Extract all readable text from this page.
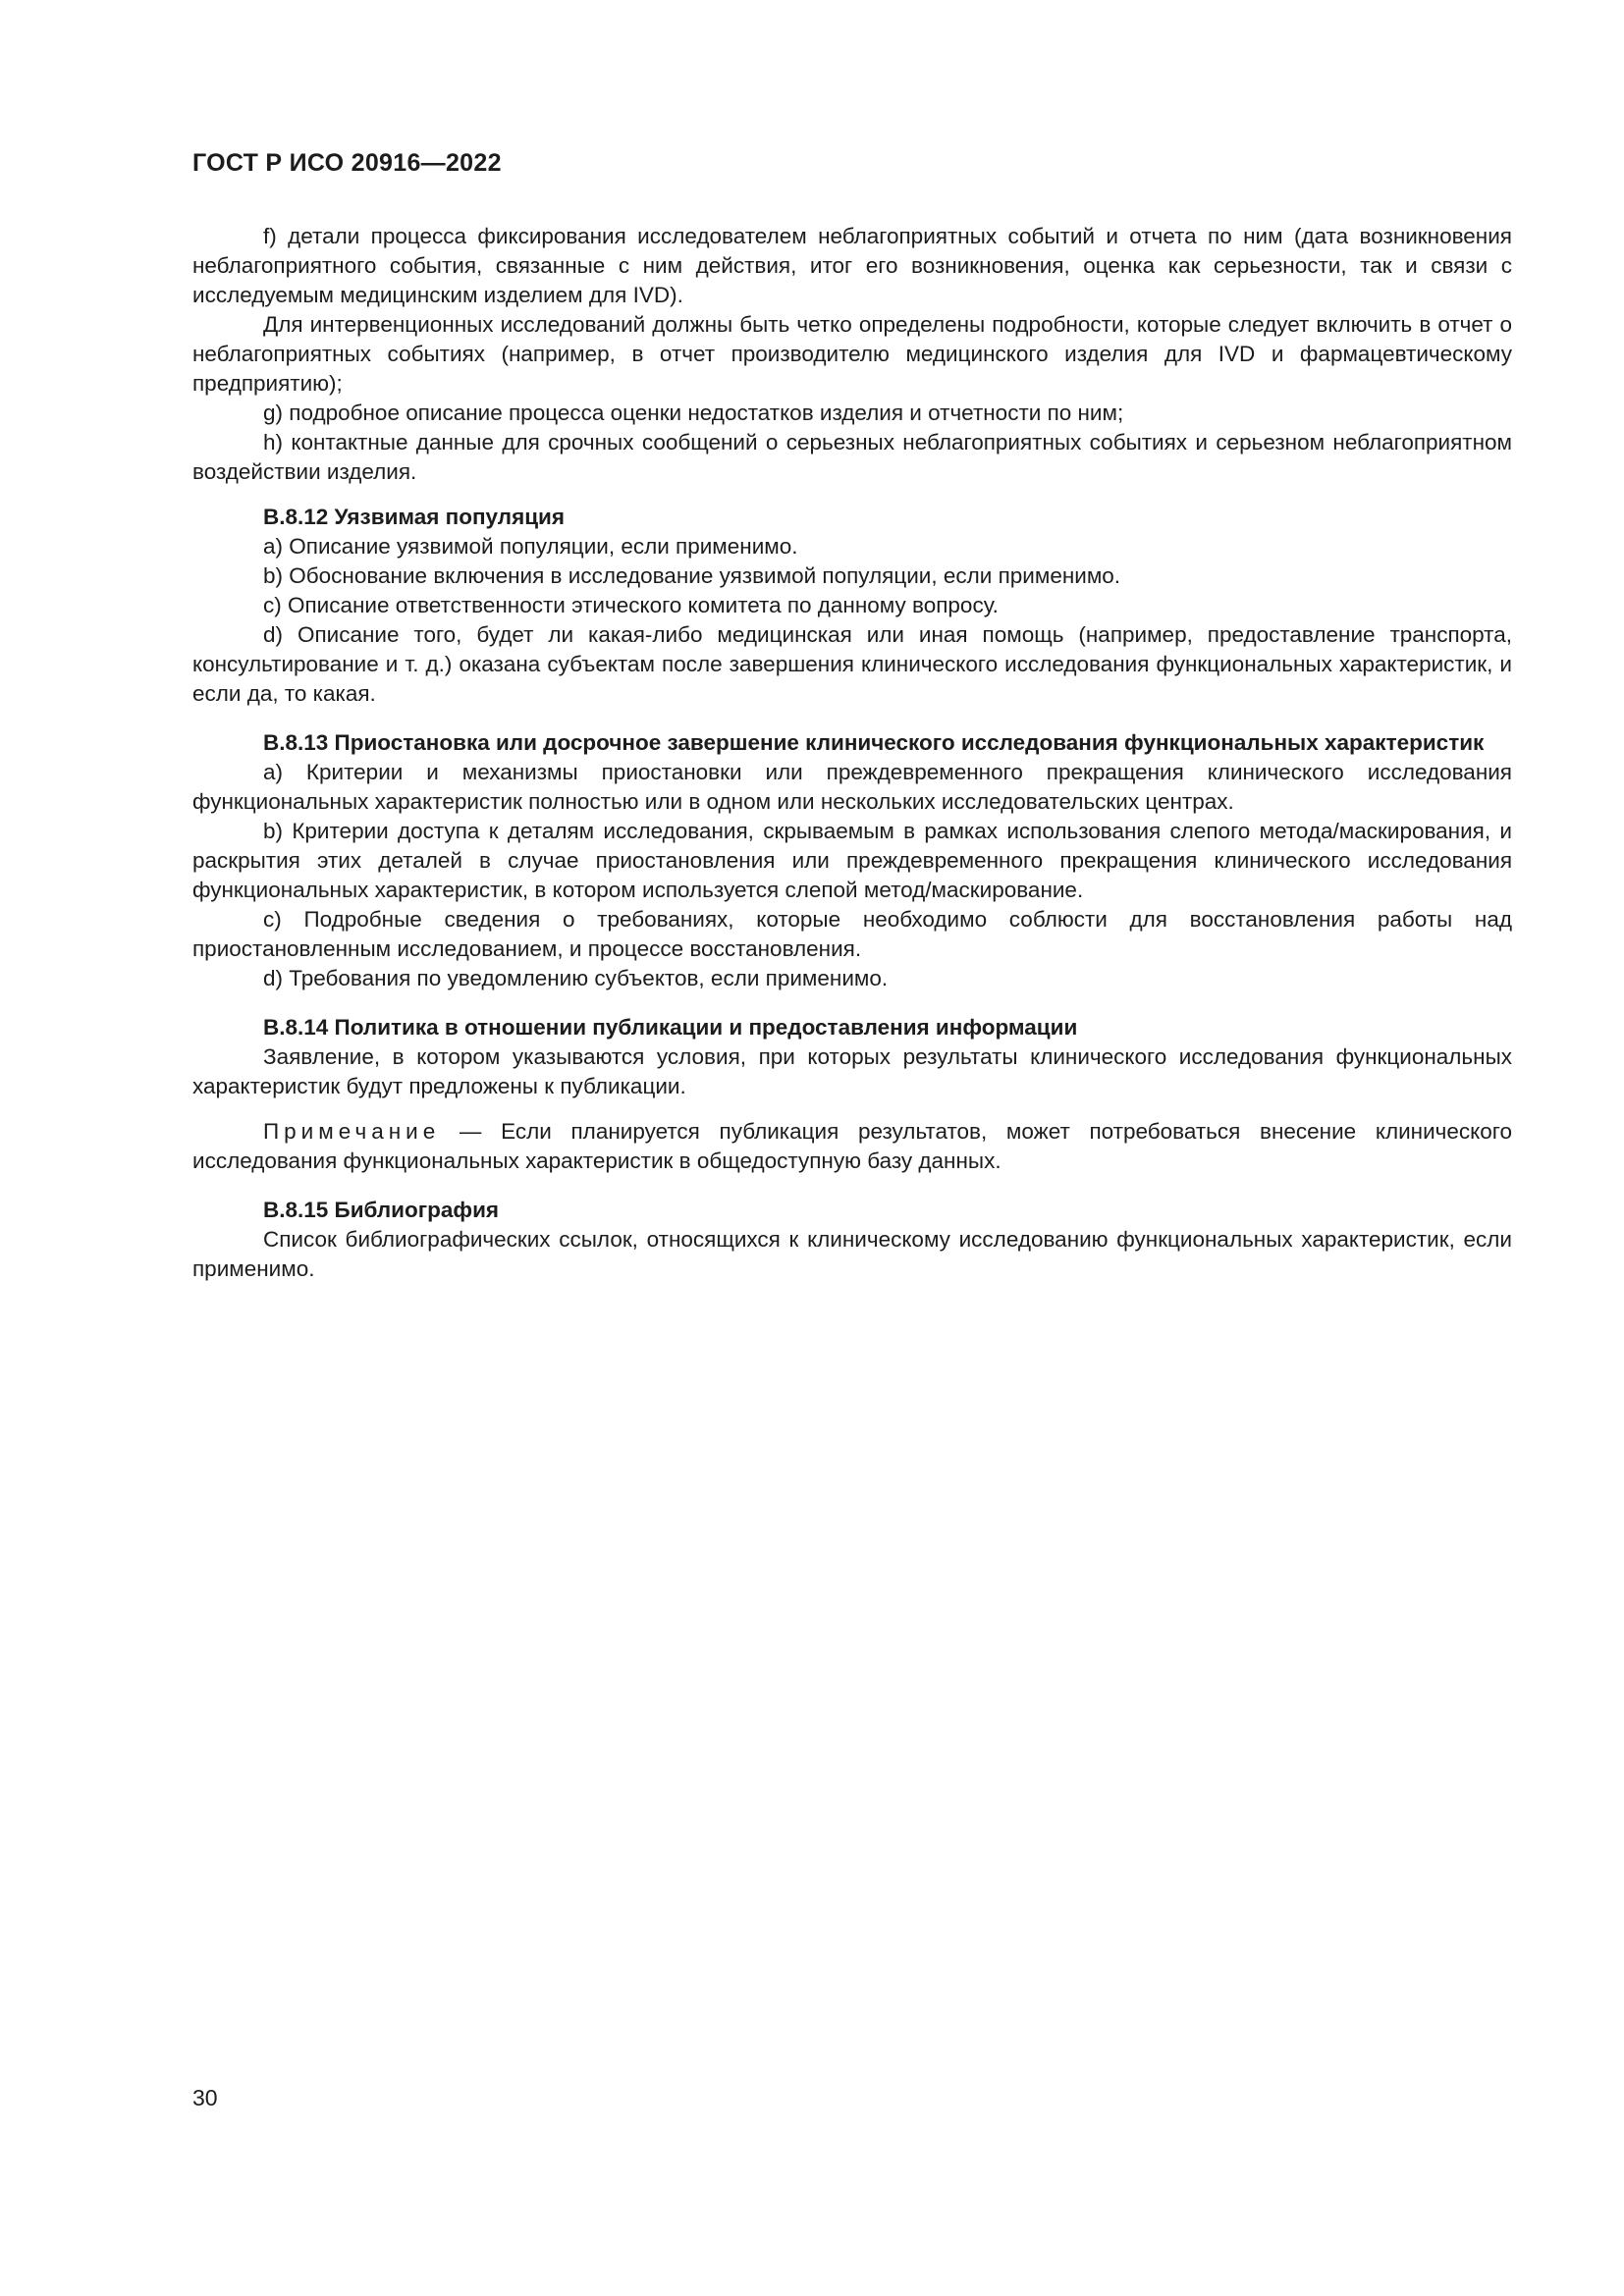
ГОСТ Р ИСО 20916—2022

f) детали процесса фиксирования исследователем неблагоприятных событий и отчета по ним (дата возникновения неблагоприятного события, связанные с ним действия, итог его возникновения, оценка как серьезности, так и связи с исследуемым медицинским изделием для IVD).

Для интервенционных исследований должны быть четко определены подробности, которые следует включить в отчет о неблагоприятных событиях (например, в отчет производителю медицинского изделия для IVD и фармацевтическому предприятию);

g) подробное описание процесса оценки недостатков изделия и отчетности по ним;

h) контактные данные для срочных сообщений о серьезных неблагоприятных событиях и серьезном неблагоприятном воздействии изделия.

B.8.12 Уязвимая популяция

a) Описание уязвимой популяции, если применимо.

b) Обоснование включения в исследование уязвимой популяции, если применимо.

c) Описание ответственности этического комитета по данному вопросу.

d) Описание того, будет ли какая-либо медицинская или иная помощь (например, предоставление транспорта, консультирование и т. д.) оказана субъектам после завершения клинического исследования функциональных характеристик, и если да, то какая.

B.8.13 Приостановка или досрочное завершение клинического исследования функциональных характеристик

a) Критерии и механизмы приостановки или преждевременного прекращения клинического исследования функциональных характеристик полностью или в одном или нескольких исследовательских центрах.

b) Критерии доступа к деталям исследования, скрываемым в рамках использования слепого метода/маскирования, и раскрытия этих деталей в случае приостановления или преждевременного прекращения клинического исследования функциональных характеристик, в котором используется слепой метод/маскирование.

c) Подробные сведения о требованиях, которые необходимо соблюсти для восстановления работы над приостановленным исследованием, и процессе восстановления.

d) Требования по уведомлению субъектов, если применимо.

B.8.14 Политика в отношении публикации и предоставления информации

Заявление, в котором указываются условия, при которых результаты клинического исследования функциональных характеристик будут предложены к публикации.

Примечание — Если планируется публикация результатов, может потребоваться внесение клинического исследования функциональных характеристик в общедоступную базу данных.

B.8.15 Библиография

Список библиографических ссылок, относящихся к клиническому исследованию функциональных характеристик, если применимо.

30
